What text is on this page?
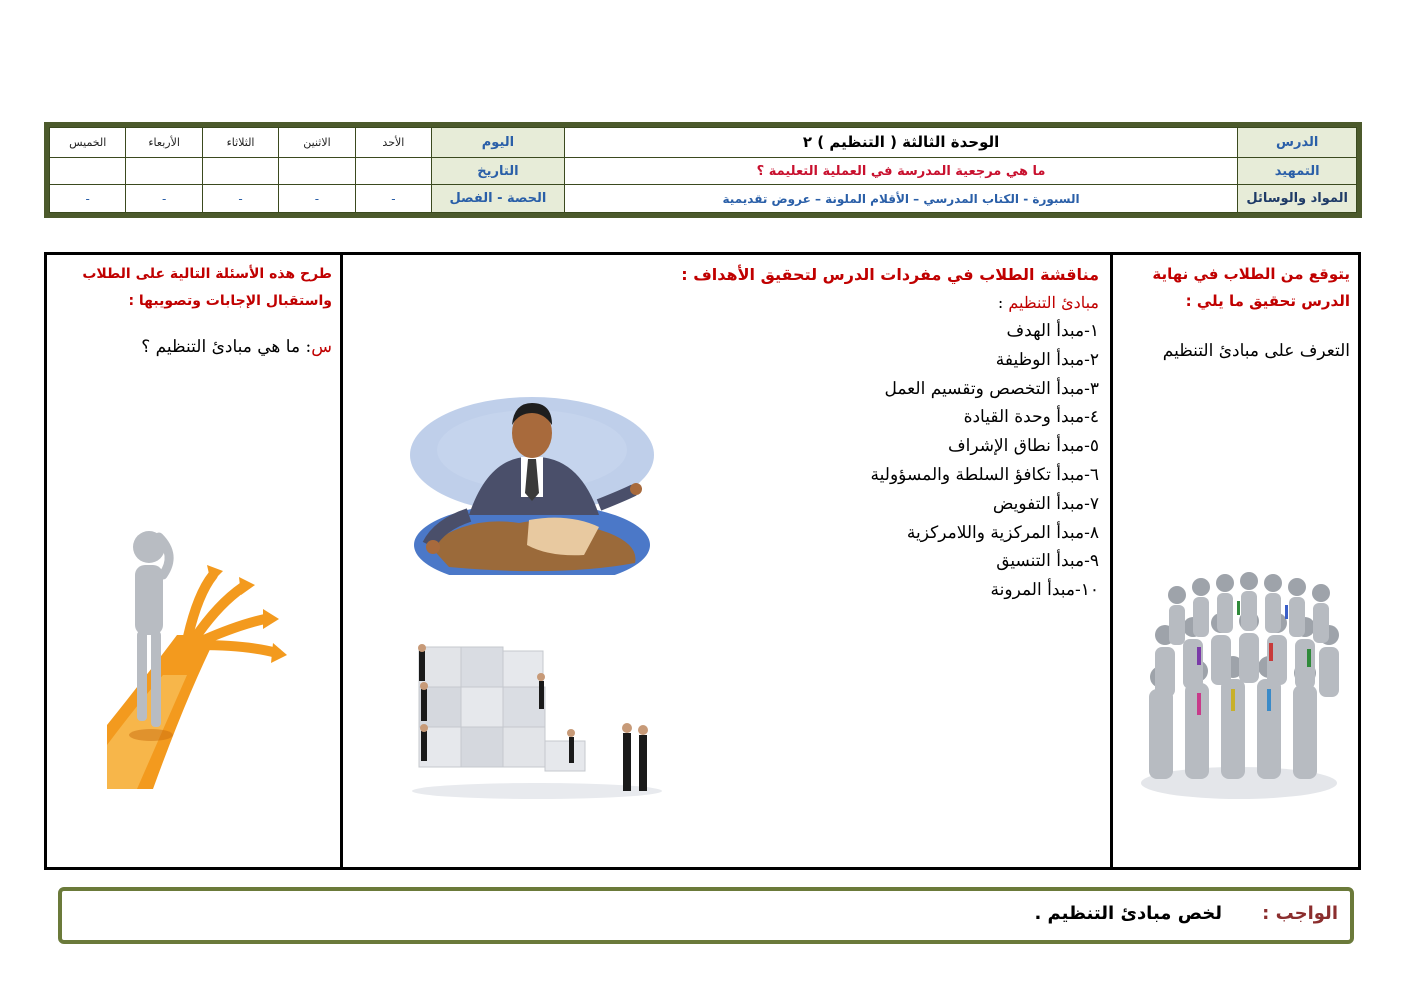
الدرس	الوحدة الثالثة ( التنظيم ) ٢	اليوم	الأحد	الاثنين	الثلاثاء	الأربعاء	الخميس
التمهيد	ما هي مرجعية المدرسة في العملية التعليمة ؟	التاريخ					
المواد والوسائل	السبورة - الكتاب المدرسي – الأقلام الملونة – عروض تقديمية	الحصة - الفصل	-	-	-	-	-
يتوقع من الطلاب في نهاية
الدرس تحقيق ما يلي :
التعرف على مبادئ التنظيم
مناقشة الطلاب في مفردات الدرس لتحقيق الأهداف :
مبادئ التنظيم :
١-مبدأ الهدف
٢-مبدأ الوظيفة
٣-مبدأ التخصص وتقسيم العمل
٤-مبدأ وحدة القيادة
٥-مبدأ نطاق الإشراف
٦-مبدأ تكافؤ السلطة والمسؤولية
٧-مبدأ التفويض
٨-مبدأ المركزية واللامركزية
٩-مبدأ التنسيق
١٠-مبدأ المرونة
طرح هذه الأسئلة التالية على الطلاب
واستقبال الإجابات وتصويبها :
س: ما هي مبادئ التنظيم ؟
الواجب :
لخص مبادئ التنظيم .
